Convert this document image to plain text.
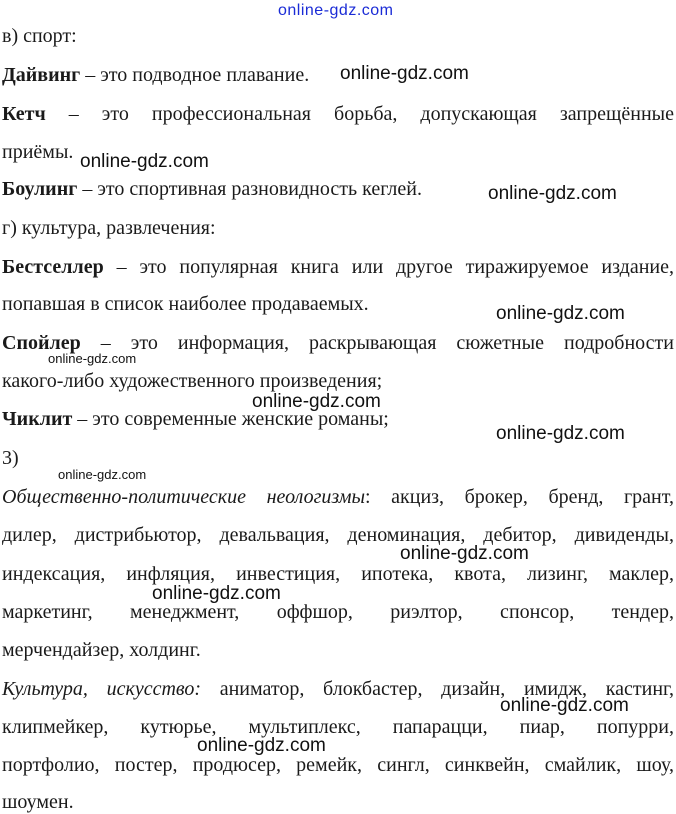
online-gdz.com
в) спорт:
Дайвинг – это подводное плавание.
Кетч – это профессиональная борьба, допускающая запрещённые
приёмы.
Боулинг – это спортивная разновидность кеглей.
г) культура, развлечения:
Бестселлер – это популярная книга или другое тиражируемое издание,
попавшая в список наиболее продаваемых.
Спойлер – это информация, раскрывающая сюжетные подробности
какого-либо художественного произведения;
Чиклит – это современные женские романы;
3)
Общественно-политические неологизмы: акциз, брокер, бренд, грант,
дилер, дистрибьютор, девальвация, деноминация, дебитор, дивиденды,
индексация, инфляция, инвестиция, ипотека, квота, лизинг, маклер,
маркетинг, менеджмент, оффшор, риэлтор, спонсор, тендер,
мерчендайзер, холдинг.
Культура, искусство: аниматор, блокбастер, дизайн, имидж, кастинг,
клипмейкер, кутюрье, мультиплекс, папарацци, пиар, попурри,
портфолио, постер, продюсер, ремейк, сингл, синквейн, смайлик, шоу,
шоумен.
online-gdz.com
online-gdz.com
online-gdz.com
online-gdz.com
online-gdz.com
online-gdz.com
online-gdz.com
online-gdz.com
online-gdz.com
online-gdz.com
online-gdz.com
online-gdz.com
